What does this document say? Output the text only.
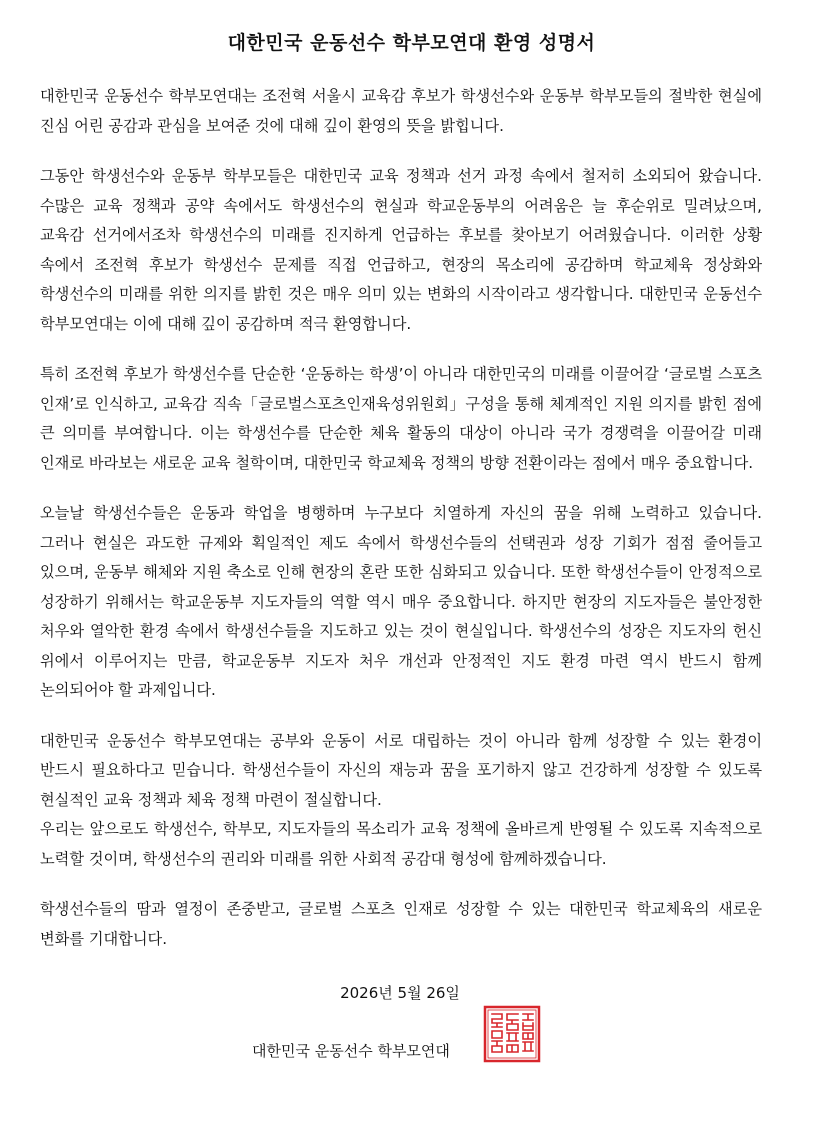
대한민국 운동선수 학부모연대 환영 성명서

대한민국 운동선수 학부모연대는 조전혁 서울시 교육감 후보가 학생선수와 운동부 학부모들의 절박한 현실에 진심 어린 공감과 관심을 보여준 것에 대해 깊이 환영의 뜻을 밝힙니다.

그동안 학생선수와 운동부 학부모들은 대한민국 교육 정책과 선거 과정 속에서 철저히 소외되어 왔습니다. 수많은 교육 정책과 공약 속에서도 학생선수의 현실과 학교운동부의 어려움은 늘 후순위로 밀려났으며, 교육감 선거에서조차 학생선수의 미래를 진지하게 언급하는 후보를 찾아보기 어려웠습니다. 이러한 상황 속에서 조전혁 후보가 학생선수 문제를 직접 언급하고, 현장의 목소리에 공감하며 학교체육 정상화와 학생선수의 미래를 위한 의지를 밝힌 것은 매우 의미 있는 변화의 시작이라고 생각합니다. 대한민국 운동선수 학부모연대는 이에 대해 깊이 공감하며 적극 환영합니다.

특히 조전혁 후보가 학생선수를 단순한 ‘운동하는 학생’이 아니라 대한민국의 미래를 이끌어갈 ‘글로벌 스포츠 인재’로 인식하고, 교육감 직속「글로벌스포츠인재육성위원회」구성을 통해 체계적인 지원 의지를 밝힌 점에 큰 의미를 부여합니다. 이는 학생선수를 단순한 체육 활동의 대상이 아니라 국가 경쟁력을 이끌어갈 미래 인재로 바라보는 새로운 교육 철학이며, 대한민국 학교체육 정책의 방향 전환이라는 점에서 매우 중요합니다.

오늘날 학생선수들은 운동과 학업을 병행하며 누구보다 치열하게 자신의 꿈을 위해 노력하고 있습니다. 그러나 현실은 과도한 규제와 획일적인 제도 속에서 학생선수들의 선택권과 성장 기회가 점점 줄어들고 있으며, 운동부 해체와 지원 축소로 인해 현장의 혼란 또한 심화되고 있습니다. 또한 학생선수들이 안정적으로 성장하기 위해서는 학교운동부 지도자들의 역할 역시 매우 중요합니다. 하지만 현장의 지도자들은 불안정한 처우와 열악한 환경 속에서 학생선수들을 지도하고 있는 것이 현실입니다. 학생선수의 성장은 지도자의 헌신 위에서 이루어지는 만큼, 학교운동부 지도자 처우 개선과 안정적인 지도 환경 마련 역시 반드시 함께 논의되어야 할 과제입니다.

대한민국 운동선수 학부모연대는 공부와 운동이 서로 대립하는 것이 아니라 함께 성장할 수 있는 환경이 반드시 필요하다고 믿습니다. 학생선수들이 자신의 재능과 꿈을 포기하지 않고 건강하게 성장할 수 있도록 현실적인 교육 정책과 체육 정책 마련이 절실합니다.

우리는 앞으로도 학생선수, 학부모, 지도자들의 목소리가 교육 정책에 올바르게 반영될 수 있도록 지속적으로 노력할 것이며, 학생선수의 권리와 미래를 위한 사회적 공감대 형성에 함께하겠습니다.

학생선수들의 땀과 열정이 존중받고, 글로벌 스포츠 인재로 성장할 수 있는 대한민국 학교체육의 새로운 변화를 기대합니다.

2026년 5월 26일
대한민국 운동선수 학부모연대
